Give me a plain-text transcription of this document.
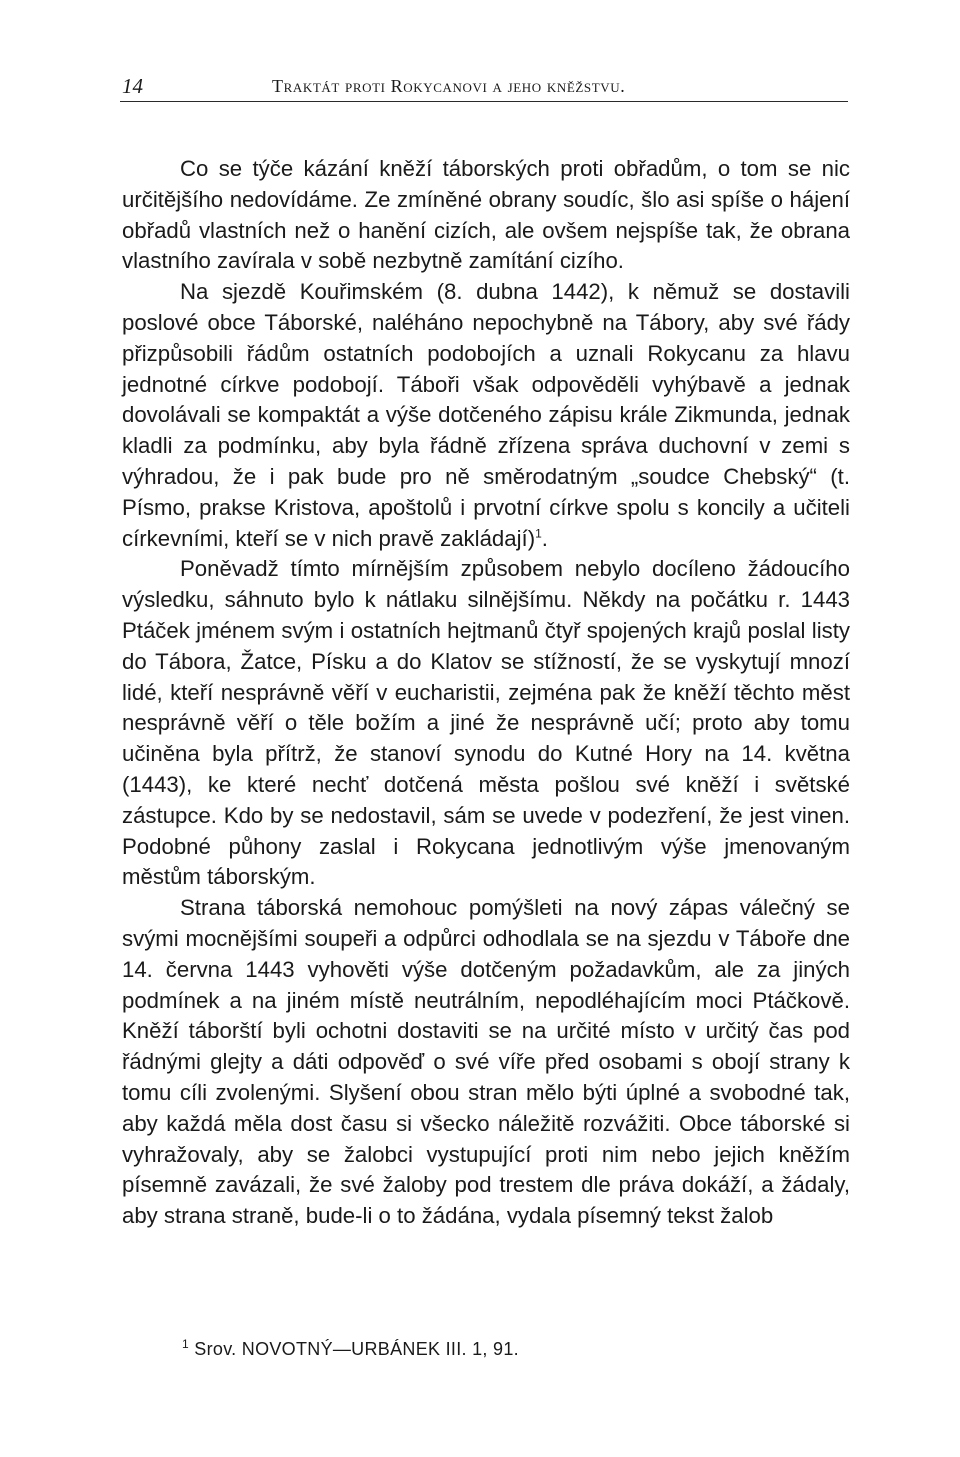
14	Traktát proti Rokycanovi a jeho kněžstvu.

Co se týče kázání kněží táborských proti obřadům, o tom se nic určitějšího nedovídáme. Ze zmíněné obrany soudíc, šlo asi spíše o hájení obřadů vlastních než o hanění cizích, ale ovšem nejspíše tak, že obrana vlastního zavírala v sobě nezbytně zamítání cizího.

Na sjezdě Kouřimském (8. dubna 1442), k němuž se dostavili poslové obce Táborské, naléháno nepochybně na Tábory, aby své řády přizpůsobili řádům ostatních podobojích a uznali Rokycanu za hlavu jednotné církve podobojí. Táboři však odpověděli vyhýbavě a jednak dovolávali se kompaktát a výše dotčeného zápisu krále Zikmunda, jednak kladli za podmínku, aby byla řádně zřízena správa duchovní v zemi s výhradou, že i pak bude pro ně směrodatným „soudce Chebský“ (t. Písmo, prakse Kristova, apoštolů i prvotní církve spolu s koncily a učiteli církevními, kteří se v nich pravě zakládají)$^1$.

Poněvadž tímto mírnějším způsobem nebylo docíleno žádoucího výsledku, sáhnuto bylo k nátlaku silnějšímu. Někdy na počátku r. 1443 Ptáček jménem svým i ostatních hejtmanů čtyř spojených krajů poslal listy do Tábora, Žatce, Písku a do Klatov se stížností, že se vyskytují mnozí lidé, kteří nesprávně věří v eucharistii, zejména pak že kněží těchto měst nesprávně věří o těle božím a jiné že nesprávně učí; proto aby tomu učiněna byla přítrž, že stanoví synodu do Kutné Hory na 14. května (1443), ke které nechť dotčená města pošlou své kněží i světské zástupce. Kdo by se nedostavil, sám se uvede v podezření, že jest vinen. Podobné půhony zaslal i Rokycana jednotlivým výše jmenovaným městům táborským.

Strana táborská nemohouc pomýšleti na nový zápas válečný se svými mocnějšími soupeři a odpůrci odhodlala se na sjezdu v Táboře dne 14. června 1443 vyhověti výše dotčeným požadavkům, ale za jiných podmínek a na jiném místě neutrálním, nepodléhajícím moci Ptáčkově. Kněží táborští byli ochotni dostaviti se na určité místo v určitý čas pod řádnými glejty a dáti odpověď o své víře před osobami s obojí strany k tomu cíli zvolenými. Slyšení obou stran mělo býti úplné a svobodné tak, aby každá měla dost času si všecko náležitě rozvážiti. Obce táborské si vyhražovaly, aby se žalobci vystupující proti nim nebo jejich kněžím písemně zavázali, že své žaloby pod trestem dle práva dokáží, a žádaly, aby strana straně, bude-li o to žádána, vydala písemný tekst žalob

$^1$ Srov. NOVOTNÝ—URBÁNEK III. 1, 91.
